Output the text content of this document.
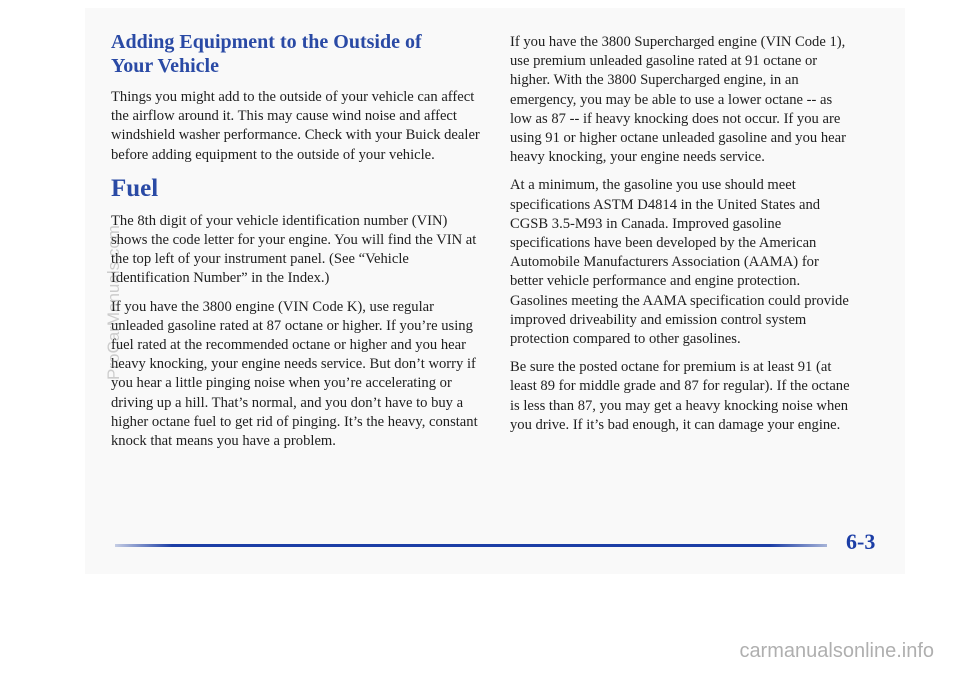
Adding Equipment to the Outside of
Your Vehicle

Things you might add to the outside of your vehicle can affect the airflow around it. This may cause wind noise and affect windshield washer performance. Check with your Buick dealer before adding equipment to the outside of your vehicle.

Fuel

The 8th digit of your vehicle identification number (VIN) shows the code letter for your engine. You will find the VIN at the top left of your instrument panel. (See “Vehicle Identification Number” in the Index.)

If you have the 3800 engine (VIN Code K), use regular unleaded gasoline rated at 87 octane or higher. If you’re using fuel rated at the recommended octane or higher and you hear heavy knocking, your engine needs service. But don’t worry if you hear a little pinging noise when you’re accelerating or driving up a hill. That’s normal, and you don’t have to buy a higher octane fuel to get rid of pinging. It’s the heavy, constant knock that means you have a problem.

If you have the 3800 Supercharged engine (VIN Code 1), use premium unleaded gasoline rated at 91 octane or higher. With the 3800 Supercharged engine, in an emergency, you may be able to use a lower octane -- as low as 87 -- if heavy knocking does not occur. If you are using 91 or higher octane unleaded gasoline and you hear heavy knocking, your engine needs service.

At a minimum, the gasoline you use should meet specifications ASTM D4814 in the United States and CGSB 3.5-M93 in Canada. Improved gasoline specifications have been developed by the American Automobile Manufacturers Association (AAMA) for better vehicle performance and engine protection. Gasolines meeting the AAMA specification could provide improved driveability and emission control system protection compared to other gasolines.

Be sure the posted octane for premium is at least 91 (at least 89 for middle grade and 87 for regular). If the octane is less than 87, you may get a heavy knocking noise when you drive. If it’s bad enough, it can damage your engine.

6-3
ProCarManuals.com
carmanualsonline.info
